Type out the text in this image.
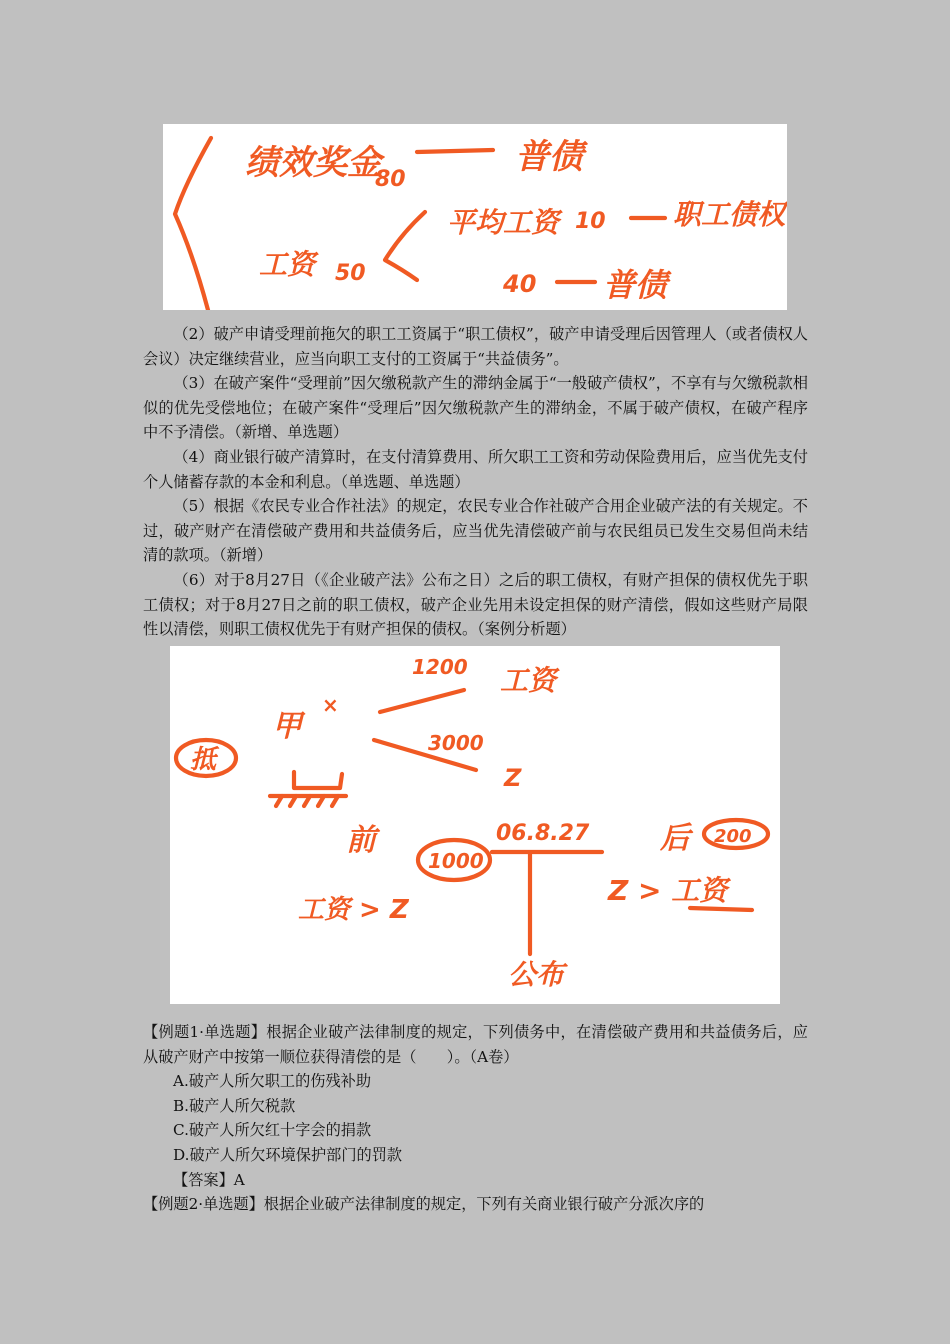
绩效奖金
80
普债
工资 50
平均工资 10 职工债权
40 普债

（2）破产申请受理前拖欠的职工工资属于“职工债权”，破产申请受理后因管理人（或者债权人会议）决定继续营业，应当向职工支付的工资属于“共益债务”。

（3）在破产案件“受理前”因欠缴税款产生的滞纳金属于“一般破产债权”，不享有与欠缴税款相似的优先受偿地位；在破产案件“受理后”因欠缴税款产生的滞纳金，不属于破产债权，在破产程序中不予清偿。（新增、单选题）

（4）商业银行破产清算时，在支付清算费用、所欠职工工资和劳动保险费用后，应当优先支付个人储蓄存款的本金和利息。（单选题、单选题）

（5）根据《农民专业合作社法》的规定，农民专业合作社破产合用企业破产法的有关规定。不过，破产财产在清偿破产费用和共益债务后，应当优先清偿破产前与农民组员已发生交易但尚未结清的款项。（新增）

（6）对于8月27日（《企业破产法》公布之日）之后的职工债权，有财产担保的债权优先于职工债权；对于8月27日之前的职工债权，破产企业先用未设定担保的财产清偿，假如这些财产局限性以清偿，则职工债权优先于有财产担保的债权。（案例分析题）

抵
甲
×
1200 工资
3000
Z
前
1000
06.8.27 后 200
工资 > Z
Z > 工资
公布

【例题1·单选题】根据企业破产法律制度的规定，下列债务中，在清偿破产费用和共益债务后，应从破产财产中按第一顺位获得清偿的是（　　）。（A卷）

A.破产人所欠职工的伤残补助

B.破产人所欠税款

C.破产人所欠红十字会的捐款

D.破产人所欠环境保护部门的罚款

【答案】A

【例题2·单选题】根据企业破产法律制度的规定，下列有关商业银行破产分派次序的
